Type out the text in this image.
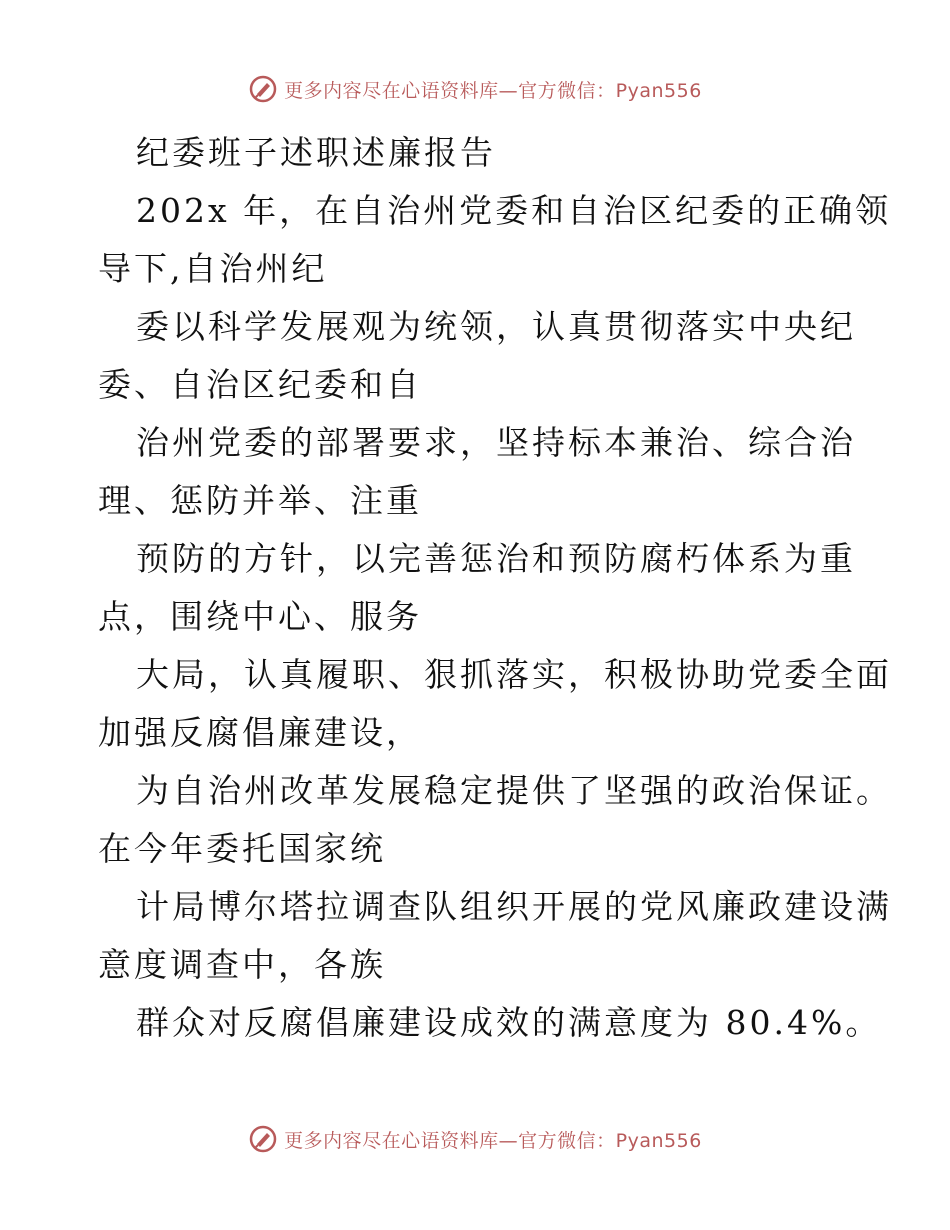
更多内容尽在心语资料库—官方微信：Pyan556
纪委班子述职述廉报告
202x 年，在自治州党委和自治区纪委的正确领
导下,自治州纪
委以科学发展观为统领，认真贯彻落实中央纪
委、自治区纪委和自
治州党委的部署要求，坚持标本兼治、综合治
理、惩防并举、注重
预防的方针，以完善惩治和预防腐朽体系为重
点，围绕中心、服务
大局，认真履职、狠抓落实，积极协助党委全面
加强反腐倡廉建设，
为自治州改革发展稳定提供了坚强的政治保证。
在今年委托国家统
计局博尔塔拉调查队组织开展的党风廉政建设满
意度调查中，各族
群众对反腐倡廉建设成效的满意度为 80.4%。
更多内容尽在心语资料库—官方微信：Pyan556
